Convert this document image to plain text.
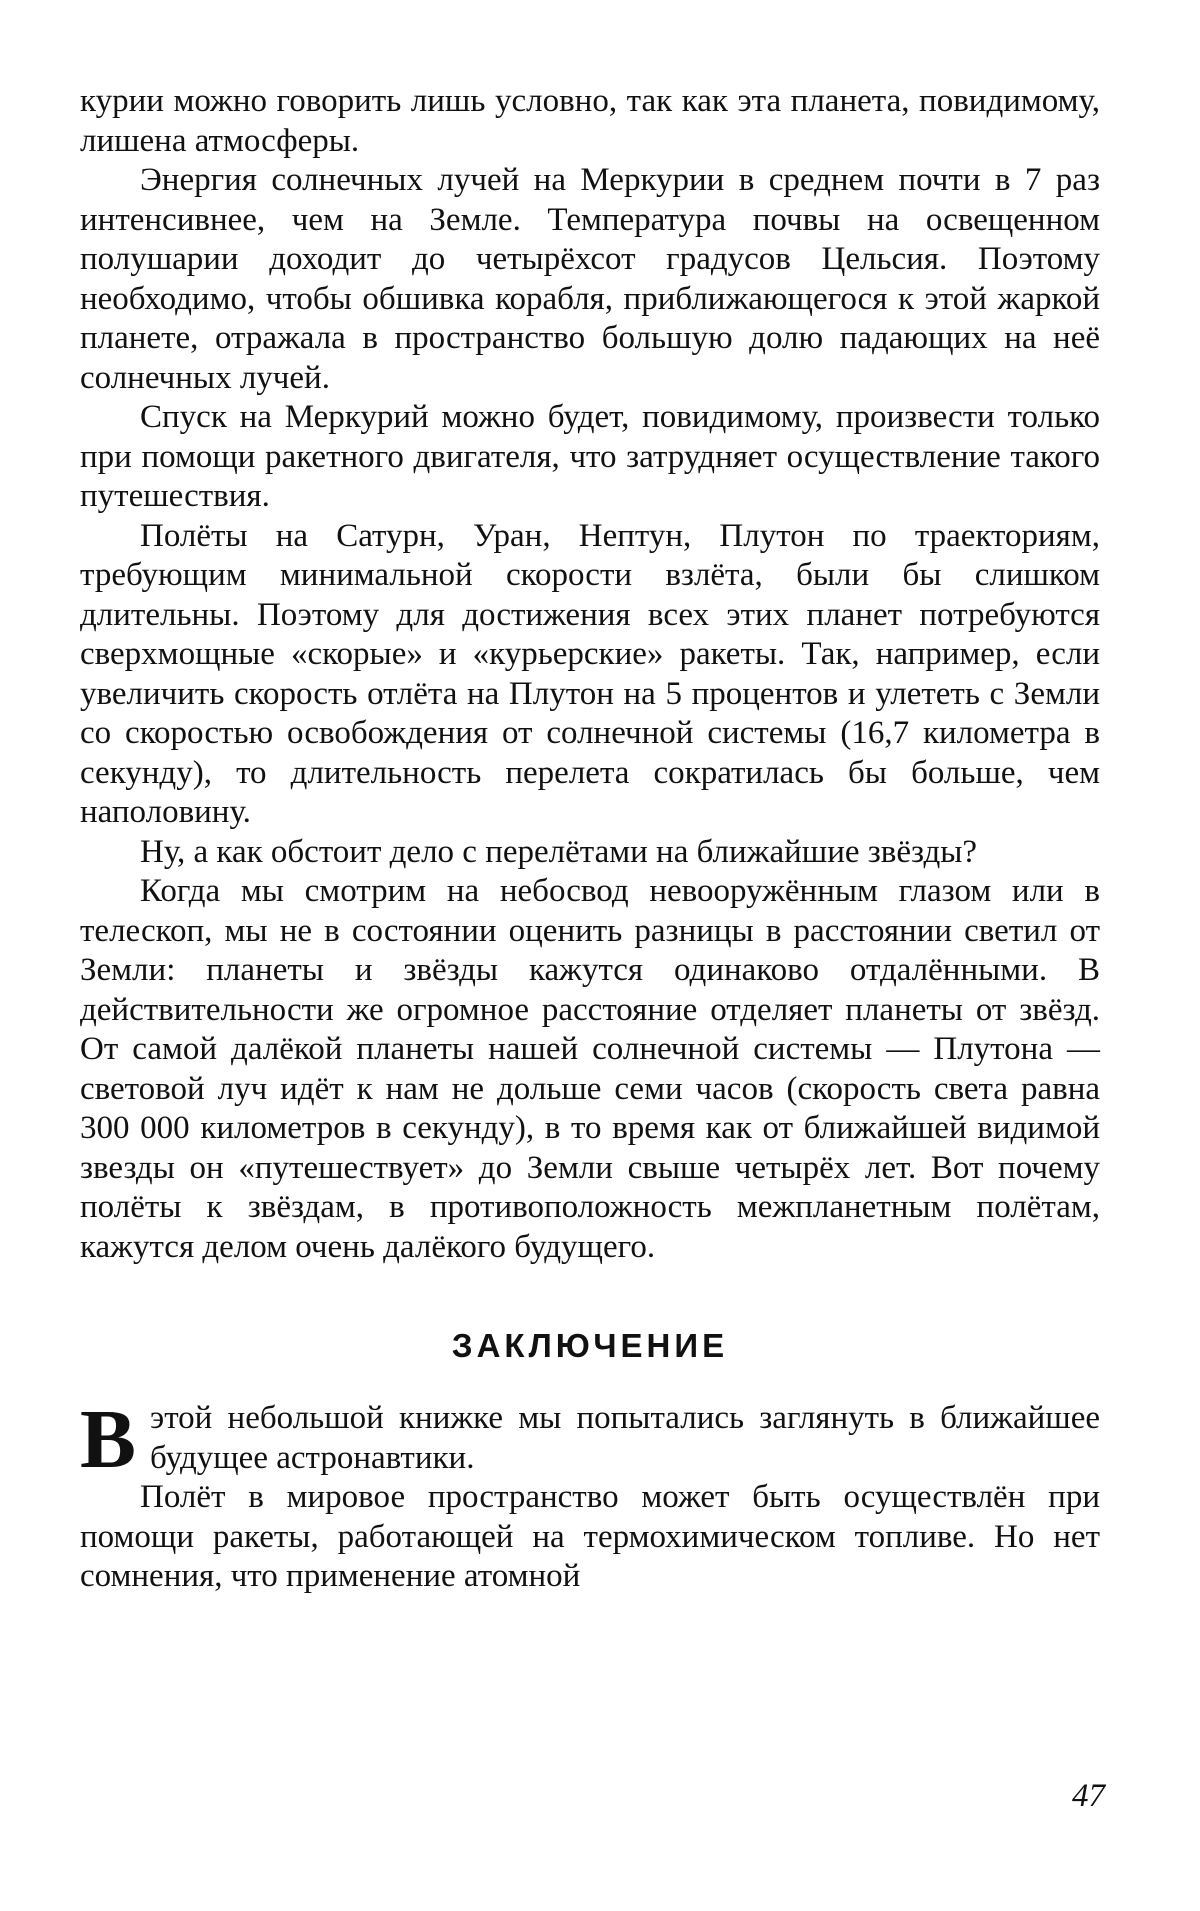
курии можно говорить лишь условно, так как эта планета, повидимому, лишена атмосферы.

Энергия солнечных лучей на Меркурии в среднем почти в 7 раз интенсивнее, чем на Земле. Температура почвы на освещенном полушарии доходит до четырёхсот градусов Цельсия. Поэтому необходимо, чтобы обшивка корабля, приближающегося к этой жаркой планете, отражала в пространство большую долю падающих на неё солнечных лучей.

Спуск на Меркурий можно будет, повидимому, произвести только при помощи ракетного двигателя, что затрудняет осуществление такого путешествия.

Полёты на Сатурн, Уран, Нептун, Плутон по траекториям, требующим минимальной скорости взлёта, были бы слишком длительны. Поэтому для достижения всех этих планет потребуются сверхмощные «скорые» и «курьерские» ракеты. Так, например, если увеличить скорость отлёта на Плутон на 5 процентов и улететь с Земли со скоростью освобождения от солнечной системы (16,7 километра в секунду), то длительность перелета сократилась бы больше, чем наполовину.

Ну, а как обстоит дело с перелётами на ближайшие звёзды?

Когда мы смотрим на небосвод невооружённым глазом или в телескоп, мы не в состоянии оценить разницы в расстоянии светил от Земли: планеты и звёзды кажутся одинаково отдалёнными. В действительности же огромное расстояние отделяет планеты от звёзд. От самой далёкой планеты нашей солнечной системы — Плутона — световой луч идёт к нам не дольше семи часов (скорость света равна 300 000 километров в секунду), в то время как от ближайшей видимой звезды он «путешествует» до Земли свыше четырёх лет. Вот почему полёты к звёздам, в противоположность межпланетным полётам, кажутся делом очень далёкого будущего.

ЗАКЛЮЧЕНИЕ

Вэтой небольшой книжке мы попытались заглянуть в ближайшее будущее астронавтики.

Полёт в мировое пространство может быть осуществлён при помощи ракеты, работающей на термохимическом топливе. Но нет сомнения, что применение атомной

47
